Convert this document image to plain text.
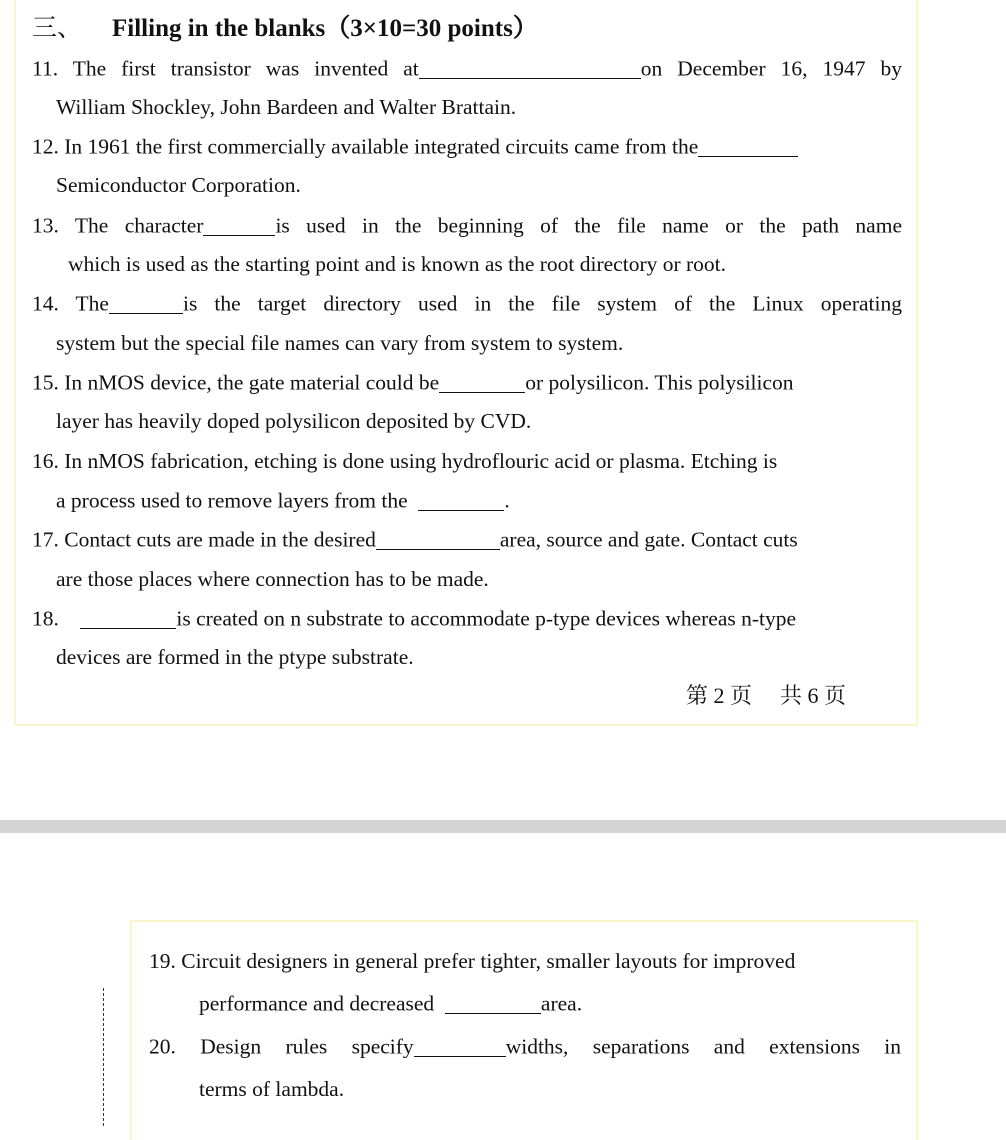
三、 Filling in the blanks（3×10=30 points）
11. The first transistor was invented at	on December 16, 1947 by
William Shockley, John Bardeen and Walter Brattain.
12. In 1961 the first commercially available integrated circuits came from the
Semiconductor Corporation.
13. The character	is used in the beginning of the file name or the path name
which is used as the starting point and is known as the root directory or root.
14. The	is the target directory used in the file system of the Linux operating
system but the special file names can vary from system to system.
15. In nMOS device, the gate material could be	or polysilicon. This polysilicon
layer has heavily doped polysilicon deposited by CVD.
16. In nMOS fabrication, etching is done using hydroflouric acid or plasma. Etching is
a process used to remove layers from the	.
17. Contact cuts are made in the desired	area, source and gate. Contact cuts
are those places where connection has to be made.
18.	is created on n substrate to accommodate p-type devices whereas n-type
devices are formed in the ptype substrate.
第 2 页 共 6 页
19. Circuit designers in general prefer tighter, smaller layouts for improved
performance and decreased	area.
20. Design rules specify	widths, separations and extensions in
terms of lambda.
